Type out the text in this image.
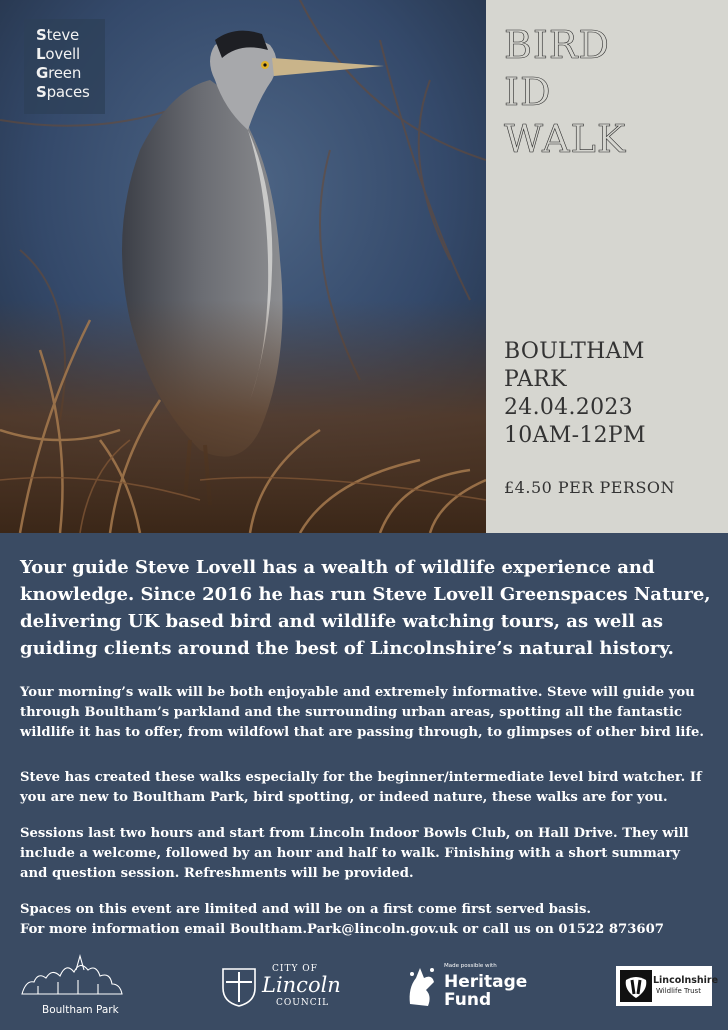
Steve
Lovell
Green
Spaces
BIRD
ID
WALK
BOULTHAM
PARK
24.04.2023
10AM-12PM
£4.50 PER PERSON

Your guide Steve Lovell has a wealth of wildlife experience and knowledge. Since 2016 he has run Steve Lovell Greenspaces Nature, delivering UK based bird and wildlife watching tours, as well as guiding clients around the best of Lincolnshire’s natural history.

Your morning’s walk will be both enjoyable and extremely informative. Steve will guide you through Boultham’s parkland and the surrounding urban areas, spotting all the fantastic wildlife it has to offer, from wildfowl that are passing through, to glimpses of other bird life.

Steve has created these walks especially for the beginner/intermediate level bird watcher. If you are new to Boultham Park, bird spotting, or indeed nature, these walks are for you.

Sessions last two hours and start from Lincoln Indoor Bowls Club, on Hall Drive. They will include a welcome, followed by an hour and half to walk. Finishing with a short summary and question session. Refreshments will be provided.

Spaces on this event are limited and will be on a first come first served basis.
For more information email Boultham.Park@lincoln.gov.uk or call us on 01522 873607

Boultham Park
CITY OF
Lincoln
COUNCIL
Made possible with
Heritage
Fund
Lincolnshire
Wildlife Trust
